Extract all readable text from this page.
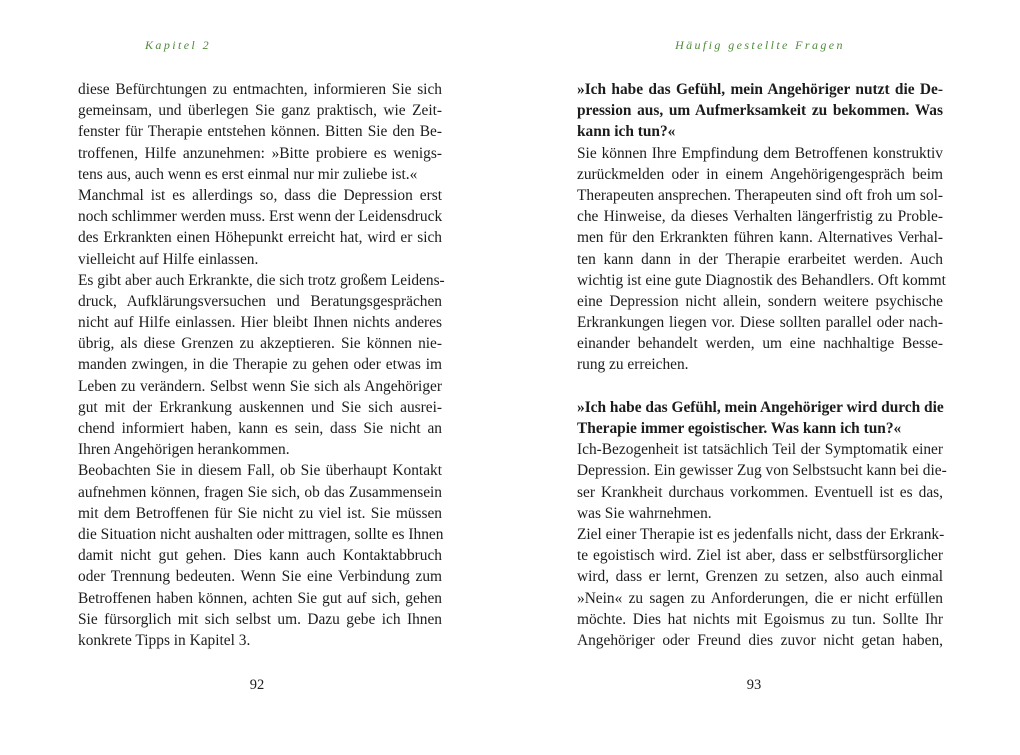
Kapitel 2
diese Befürchtungen zu entmachten, informieren Sie sich
gemeinsam, und überlegen Sie ganz praktisch, wie Zeit-
fenster für Therapie entstehen können. Bitten Sie den Be-
troffenen, Hilfe anzunehmen: »Bitte probiere es wenigs-
tens aus, auch wenn es erst einmal nur mir zuliebe ist.«
Manchmal ist es allerdings so, dass die Depression erst
noch schlimmer werden muss. Erst wenn der Leidensdruck
des Erkrankten einen Höhepunkt erreicht hat, wird er sich
vielleicht auf Hilfe einlassen.
Es gibt aber auch Erkrankte, die sich trotz großem Leidens-
druck, Aufklärungsversuchen und Beratungsgesprächen
nicht auf Hilfe einlassen. Hier bleibt Ihnen nichts anderes
übrig, als diese Grenzen zu akzeptieren. Sie können nie-
manden zwingen, in die Therapie zu gehen oder etwas im
Leben zu verändern. Selbst wenn Sie sich als Angehöriger
gut mit der Erkrankung auskennen und Sie sich ausrei-
chend informiert haben, kann es sein, dass Sie nicht an
Ihren Angehörigen herankommen.
Beobachten Sie in diesem Fall, ob Sie überhaupt Kontakt
aufnehmen können, fragen Sie sich, ob das Zusammensein
mit dem Betroffenen für Sie nicht zu viel ist. Sie müssen
die Situation nicht aushalten oder mittragen, sollte es Ihnen
damit nicht gut gehen. Dies kann auch Kontaktabbruch
oder Trennung bedeuten. Wenn Sie eine Verbindung zum
Betroffenen haben können, achten Sie gut auf sich, gehen
Sie fürsorglich mit sich selbst um. Dazu gebe ich Ihnen
konkrete Tipps in Kapitel 3.
92
Häufig gestellte Fragen
»Ich habe das Gefühl, mein Angehöriger nutzt die De-
pression aus, um Aufmerksamkeit zu bekommen. Was
kann ich tun?«
Sie können Ihre Empfindung dem Betroffenen konstruktiv
zurückmelden oder in einem Angehörigengespräch beim
Therapeuten ansprechen. Therapeuten sind oft froh um sol-
che Hinweise, da dieses Verhalten längerfristig zu Proble-
men für den Erkrankten führen kann. Alternatives Verhal-
ten kann dann in der Therapie erarbeitet werden. Auch
wichtig ist eine gute Diagnostik des Behandlers. Oft kommt
eine Depression nicht allein, sondern weitere psychische
Erkrankungen liegen vor. Diese sollten parallel oder nach-
einander behandelt werden, um eine nachhaltige Besse-
rung zu erreichen.
»Ich habe das Gefühl, mein Angehöriger wird durch die
Therapie immer egoistischer. Was kann ich tun?«
Ich-Bezogenheit ist tatsächlich Teil der Symptomatik einer
Depression. Ein gewisser Zug von Selbstsucht kann bei die-
ser Krankheit durchaus vorkommen. Eventuell ist es das,
was Sie wahrnehmen.
Ziel einer Therapie ist es jedenfalls nicht, dass der Erkrank-
te egoistisch wird. Ziel ist aber, dass er selbstfürsorglicher
wird, dass er lernt, Grenzen zu setzen, also auch einmal
»Nein« zu sagen zu Anforderungen, die er nicht erfüllen
möchte. Dies hat nichts mit Egoismus zu tun. Sollte Ihr
Angehöriger oder Freund dies zuvor nicht getan haben,
93
